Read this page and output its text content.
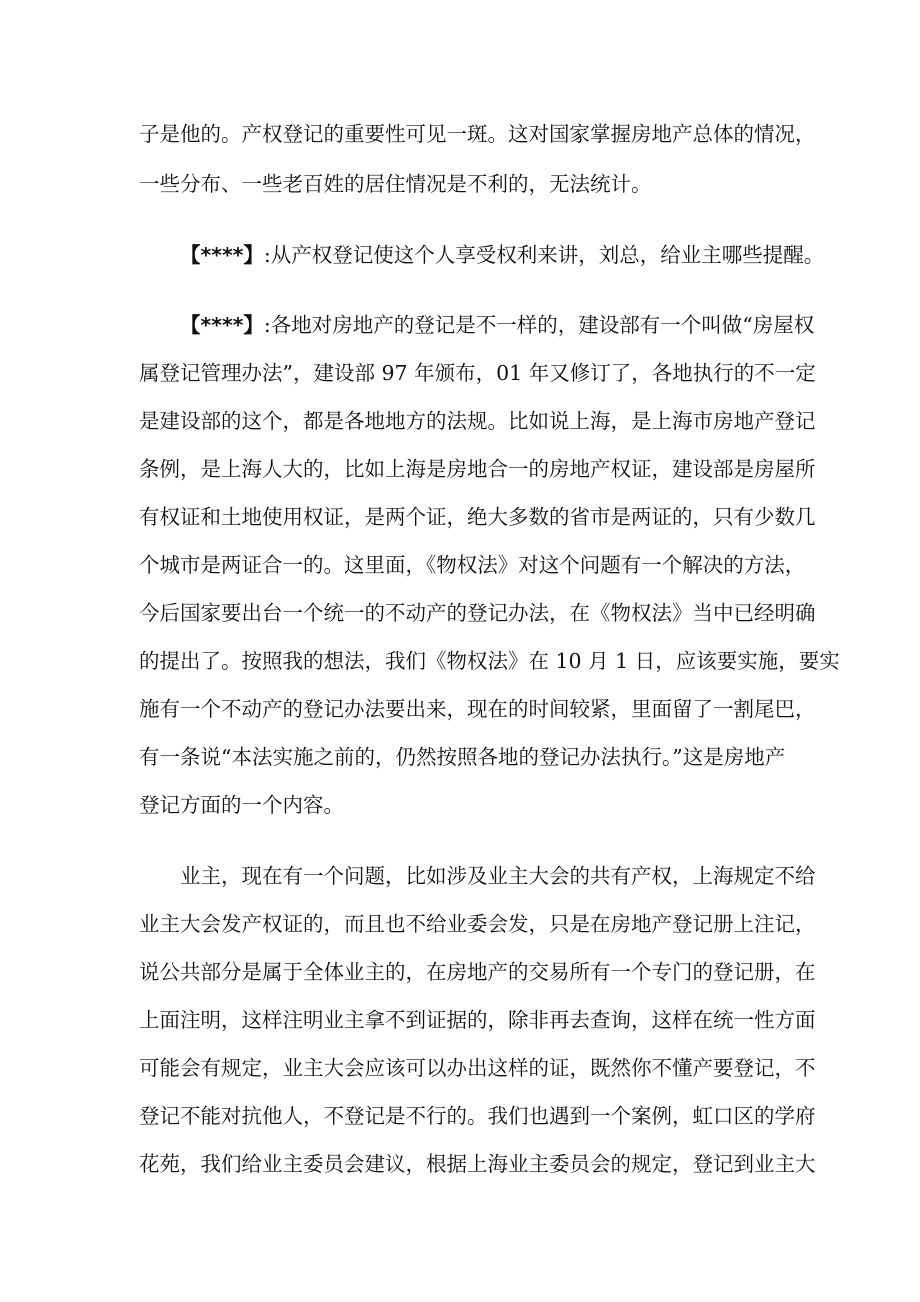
子是他的。产权登记的重要性可见一斑。这对国家掌握房地产总体的情况，
一些分布、一些老百姓的居住情况是不利的，无法统计。
【****】:从产权登记使这个人享受权利来讲，刘总，给业主哪些提醒。
【****】:各地对房地产的登记是不一样的，建设部有一个叫做“房屋权
属登记管理办法”，建设部 97 年颁布，01 年又修订了，各地执行的不一定
是建设部的这个，都是各地地方的法规。比如说上海，是上海市房地产登记
条例，是上海人大的，比如上海是房地合一的房地产权证，建设部是房屋所
有权证和土地使用权证，是两个证，绝大多数的省市是两证的，只有少数几
个城市是两证合一的。这里面，《物权法》对这个问题有一个解决的方法，
今后国家要出台一个统一的不动产的登记办法，在《物权法》当中已经明确
的提出了。按照我的想法，我们《物权法》在 10 月 1 日，应该要实施，要实
施有一个不动产的登记办法要出来，现在的时间较紧，里面留了一割尾巴，
有一条说“本法实施之前的，仍然按照各地的登记办法执行。”这是房地产
登记方面的一个内容。
业主，现在有一个问题，比如涉及业主大会的共有产权，上海规定不给
业主大会发产权证的，而且也不给业委会发，只是在房地产登记册上注记，
说公共部分是属于全体业主的，在房地产的交易所有一个专门的登记册，在
上面注明，这样注明业主拿不到证据的，除非再去查询，这样在统一性方面
可能会有规定，业主大会应该可以办出这样的证，既然你不懂产要登记，不
登记不能对抗他人，不登记是不行的。我们也遇到一个案例，虹口区的学府
花苑，我们给业主委员会建议，根据上海业主委员会的规定，登记到业主大
